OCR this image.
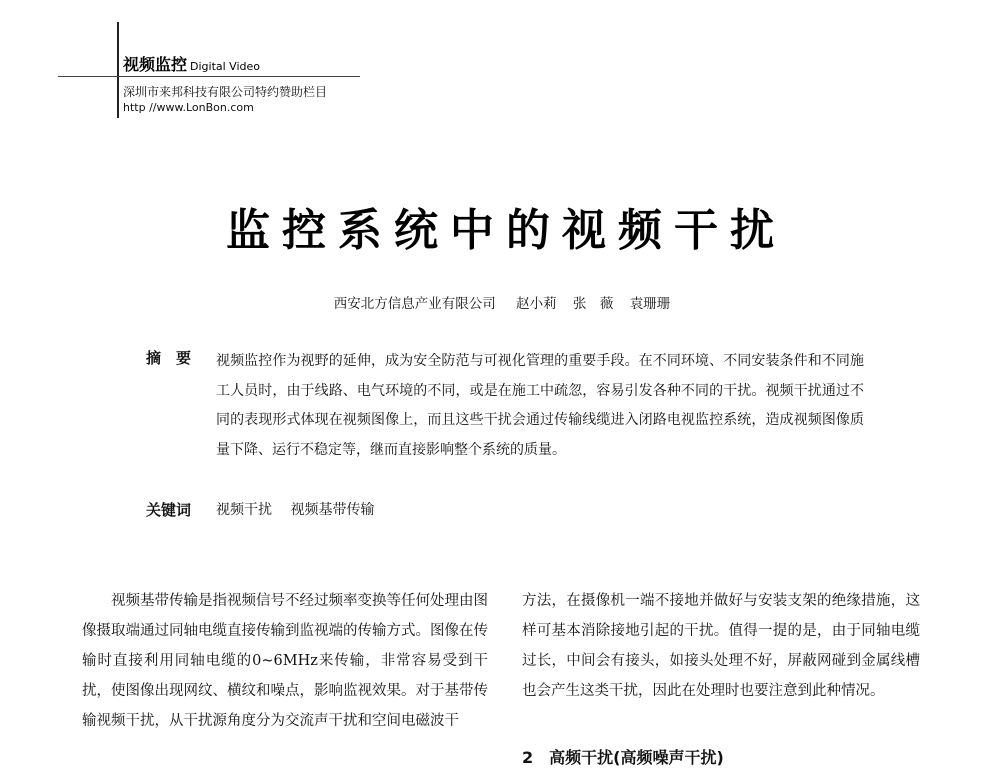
视频监控 Digital Video
深圳市来邦科技有限公司特约赞助栏目
http //www.LonBon.com
监控系统中的视频干扰
西安北方信息产业有限公司 赵小莉 张　薇 袁珊珊
摘　要 视频监控作为视野的延伸，成为安全防范与可视化管理的重要手段。在不同环境、不同安装条件和不同施工人员时，由于线路、电气环境的不同，或是在施工中疏忽，容易引发各种不同的干扰。视频干扰通过不同的表现形式体现在视频图像上，而且这些干扰会通过传输线缆进入闭路电视监控系统，造成视频图像质量下降、运行不稳定等，继而直接影响整个系统的质量。

关键词 视频干扰 视频基带传输

视频基带传输是指视频信号不经过频率变换等任何处理由图像摄取端通过同轴电缆直接传输到监视端的传输方式。图像在传输时直接利用同轴电缆的0~6MHz来传输，非常容易受到干扰，使图像出现网纹、横纹和噪点，影响监视效果。对于基带传输视频干扰，从干扰源角度分为交流声干扰和空间电磁波干

方法，在摄像机一端不接地并做好与安装支架的绝缘措施，这样可基本消除接地引起的干扰。值得一提的是，由于同轴电缆过长，中间会有接头，如接头处理不好，屏蔽网碰到金属线槽也会产生这类干扰，因此在处理时也要注意到此种情况。

2　高频干扰(高频噪声干扰)
